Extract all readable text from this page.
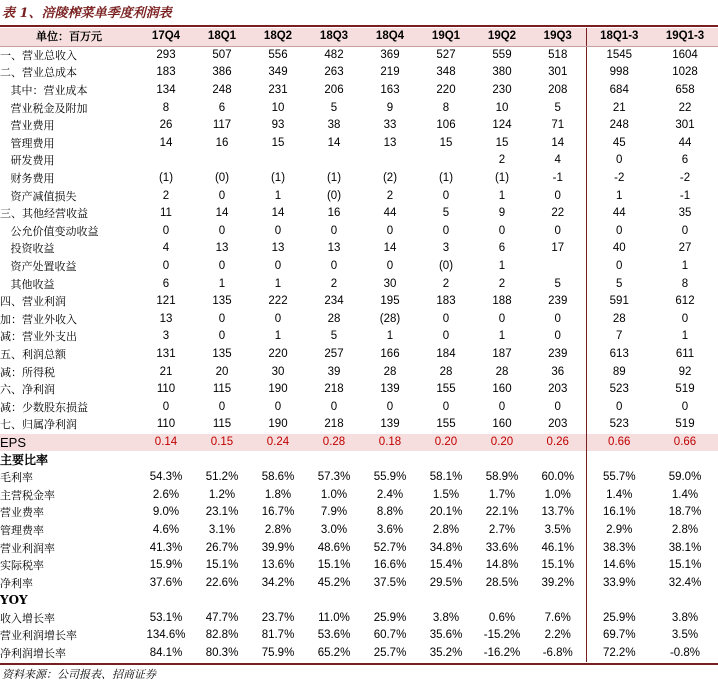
表 1、涪陵榨菜单季度利润表
单位：百万元	17Q4	18Q1	18Q2	18Q3	18Q4	19Q1	19Q2	19Q3	18Q1-3	19Q1-3
一、营业总收入	293	507	556	482	369	527	559	518	1545	1604
二、营业总成本	183	386	349	263	219	348	380	301	998	1028
其中：营业成本	134	248	231	206	163	220	230	208	684	658
营业税金及附加	8	6	10	5	9	8	10	5	21	22
营业费用	26	117	93	38	33	106	124	71	248	301
管理费用	14	16	15	14	13	15	15	14	45	44
研发费用							2	4	0	6
财务费用	(1)	(0)	(1)	(1)	(2)	(1)	(1)	-1	-2	-2
资产减值损失	2	0	1	(0)	2	0	1	0	1	-1
三、其他经营收益	11	14	14	16	44	5	9	22	44	35
公允价值变动收益	0	0	0	0	0	0	0	0	0	0
投资收益	4	13	13	13	14	3	6	17	40	27
资产处置收益	0	0	0	0	0	(0)	1		0	1
其他收益	6	1	1	2	30	2	2	5	5	8
四、营业利润	121	135	222	234	195	183	188	239	591	612
加：营业外收入	13	0	0	28	(28)	0	0	0	28	0
减：营业外支出	3	0	1	5	1	0	1	0	7	1
五、利润总额	131	135	220	257	166	184	187	239	613	611
减：所得税	21	20	30	39	28	28	28	36	89	92
六、净利润	110	115	190	218	139	155	160	203	523	519
减：少数股东损益	0	0	0	0	0	0	0	0	0	0
七、归属净利润	110	115	190	218	139	155	160	203	523	519
EPS	0.14	0.15	0.24	0.28	0.18	0.20	0.20	0.26	0.66	0.66
主要比率										
毛利率	54.3%	51.2%	58.6%	57.3%	55.9%	58.1%	58.9%	60.0%	55.7%	59.0%
主营税金率	2.6%	1.2%	1.8%	1.0%	2.4%	1.5%	1.7%	1.0%	1.4%	1.4%
营业费率	9.0%	23.1%	16.7%	7.9%	8.8%	20.1%	22.1%	13.7%	16.1%	18.7%
管理费率	4.6%	3.1%	2.8%	3.0%	3.6%	2.8%	2.7%	3.5%	2.9%	2.8%
营业利润率	41.3%	26.7%	39.9%	48.6%	52.7%	34.8%	33.6%	46.1%	38.3%	38.1%
实际税率	15.9%	15.1%	13.6%	15.1%	16.6%	15.4%	14.8%	15.1%	14.6%	15.1%
净利率	37.6%	22.6%	34.2%	45.2%	37.5%	29.5%	28.5%	39.2%	33.9%	32.4%
YOY										
收入增长率	53.1%	47.7%	23.7%	11.0%	25.9%	3.8%	0.6%	7.6%	25.9%	3.8%
营业利润增长率	134.6%	82.8%	81.7%	53.6%	60.7%	35.6%	-15.2%	2.2%	69.7%	3.5%
净利润增长率	84.1%	80.3%	75.9%	65.2%	25.7%	35.2%	-16.2%	-6.8%	72.2%	-0.8%
资料来源：公司报表、招商证券
